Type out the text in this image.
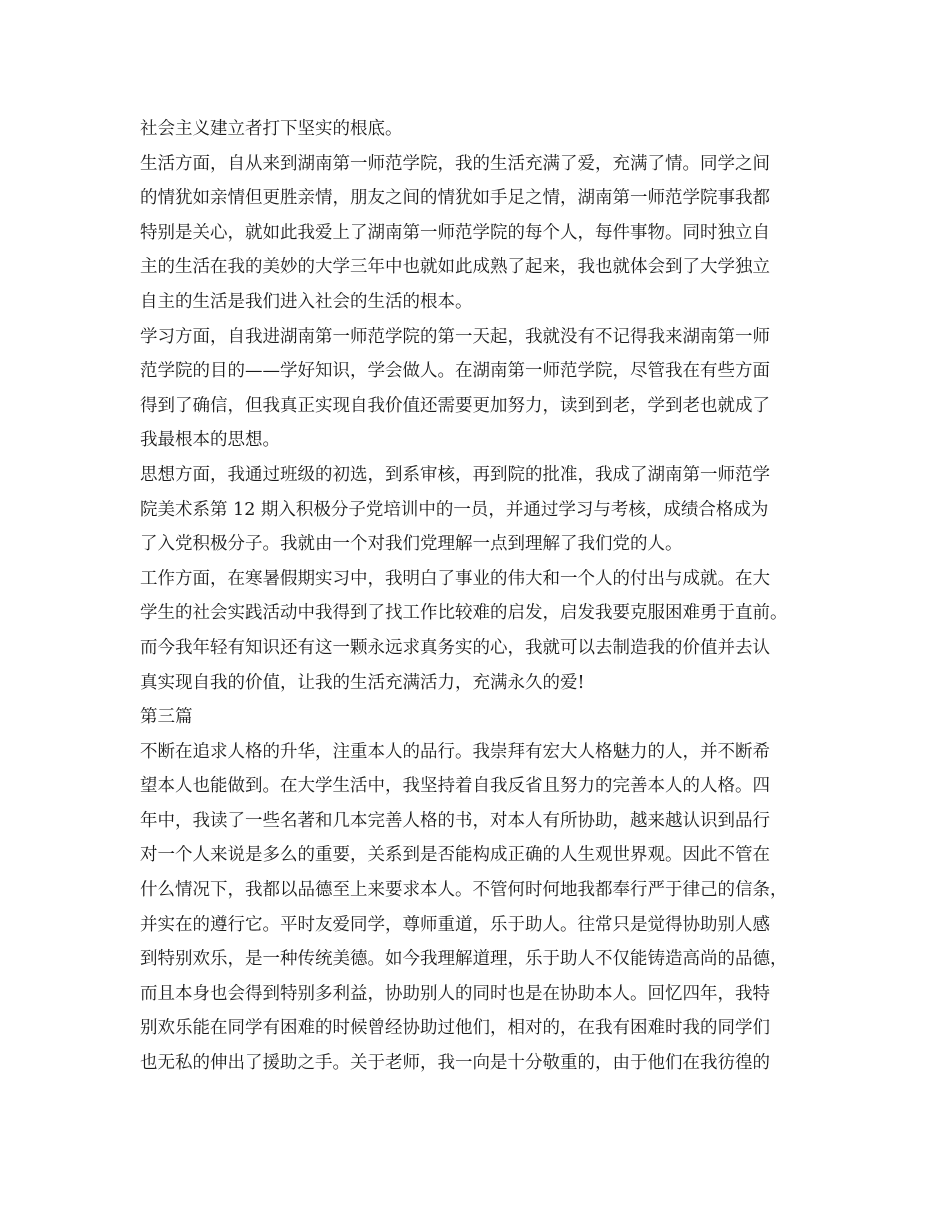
社会主义建立者打下坚实的根底。
生活方面，自从来到湖南第一师范学院，我的生活充满了爱，充满了情。同学之间
的情犹如亲情但更胜亲情，朋友之间的情犹如手足之情，湖南第一师范学院事我都
特别是关心，就如此我爱上了湖南第一师范学院的每个人，每件事物。同时独立自
主的生活在我的美妙的大学三年中也就如此成熟了起来，我也就体会到了大学独立
自主的生活是我们进入社会的生活的根本。
学习方面，自我进湖南第一师范学院的第一天起，我就没有不记得我来湖南第一师
范学院的目的——学好知识，学会做人。在湖南第一师范学院，尽管我在有些方面
得到了确信，但我真正实现自我价值还需要更加努力，读到到老，学到老也就成了
我最根本的思想。
思想方面，我通过班级的初选，到系审核，再到院的批准，我成了湖南第一师范学
院美术系第 12 期入积极分子党培训中的一员，并通过学习与考核，成绩合格成为
了入党积极分子。我就由一个对我们党理解一点到理解了我们党的人。
工作方面，在寒暑假期实习中，我明白了事业的伟大和一个人的付出与成就。在大
学生的社会实践活动中我得到了找工作比较难的启发，启发我要克服困难勇于直前。
而今我年轻有知识还有这一颗永远求真务实的心，我就可以去制造我的价值并去认
真实现自我的价值，让我的生活充满活力，充满永久的爱!
第三篇
不断在追求人格的升华，注重本人的品行。我崇拜有宏大人格魅力的人，并不断希
望本人也能做到。在大学生活中，我坚持着自我反省且努力的完善本人的人格。四
年中，我读了一些名著和几本完善人格的书，对本人有所协助，越来越认识到品行
对一个人来说是多么的重要，关系到是否能构成正确的人生观世界观。因此不管在
什么情况下，我都以品德至上来要求本人。不管何时何地我都奉行严于律己的信条，
并实在的遵行它。平时友爱同学，尊师重道，乐于助人。往常只是觉得协助别人感
到特别欢乐，是一种传统美德。如今我理解道理，乐于助人不仅能铸造高尚的品德，
而且本身也会得到特别多利益，协助别人的同时也是在协助本人。回忆四年，我特
别欢乐能在同学有困难的时候曾经协助过他们，相对的，在我有困难时我的同学们
也无私的伸出了援助之手。关于老师，我一向是十分敬重的，由于他们在我彷徨的
